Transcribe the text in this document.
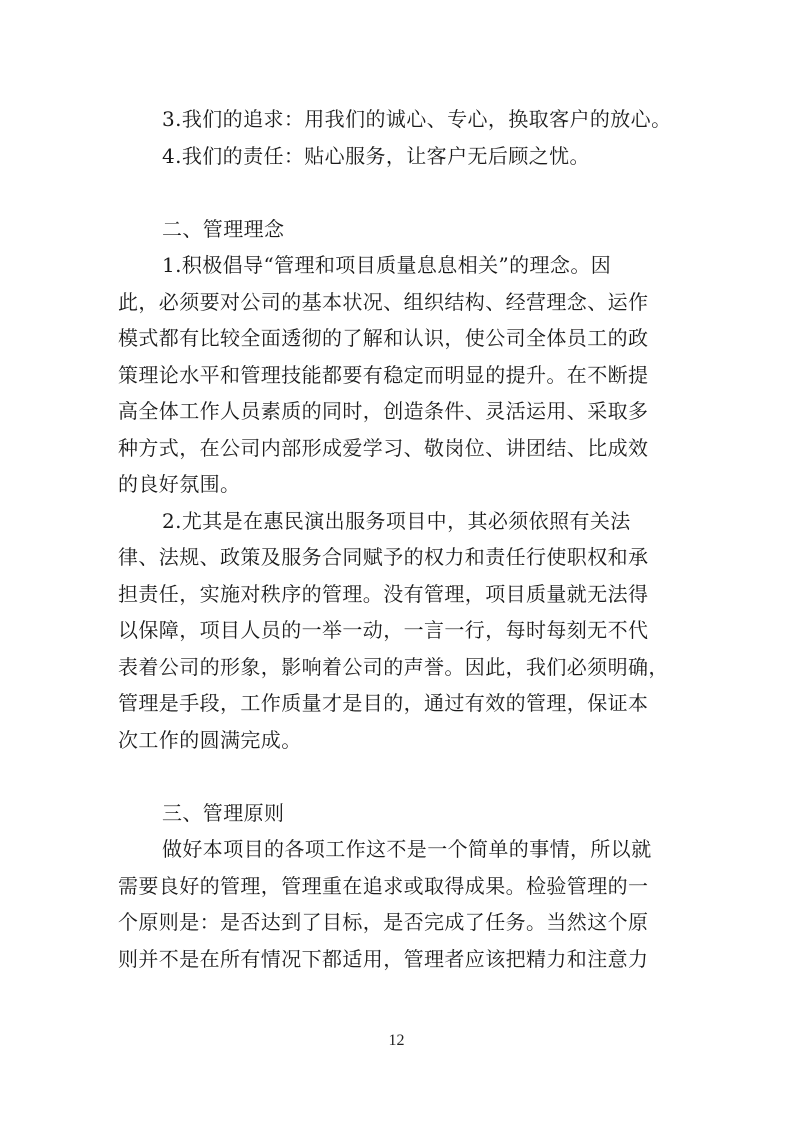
3.我们的追求：用我们的诚心、专心，换取客户的放心。
4.我们的责任：贴心服务，让客户无后顾之忧。
二、管理理念
1.积极倡导“管理和项目质量息息相关”的理念。因
此，必须要对公司的基本状况、组织结构、经营理念、运作
模式都有比较全面透彻的了解和认识，使公司全体员工的政
策理论水平和管理技能都要有稳定而明显的提升。在不断提
高全体工作人员素质的同时，创造条件、灵活运用、采取多
种方式，在公司内部形成爱学习、敬岗位、讲团结、比成效
的良好氛围。
2.尤其是在惠民演出服务项目中，其必须依照有关法
律、法规、政策及服务合同赋予的权力和责任行使职权和承
担责任，实施对秩序的管理。没有管理，项目质量就无法得
以保障，项目人员的一举一动，一言一行，每时每刻无不代
表着公司的形象，影响着公司的声誉。因此，我们必须明确，
管理是手段，工作质量才是目的，通过有效的管理，保证本
次工作的圆满完成。
三、管理原则
做好本项目的各项工作这不是一个简单的事情，所以就
需要良好的管理，管理重在追求或取得成果。检验管理的一
个原则是：是否达到了目标，是否完成了任务。当然这个原
则并不是在所有情况下都适用，管理者应该把精力和注意力
12
